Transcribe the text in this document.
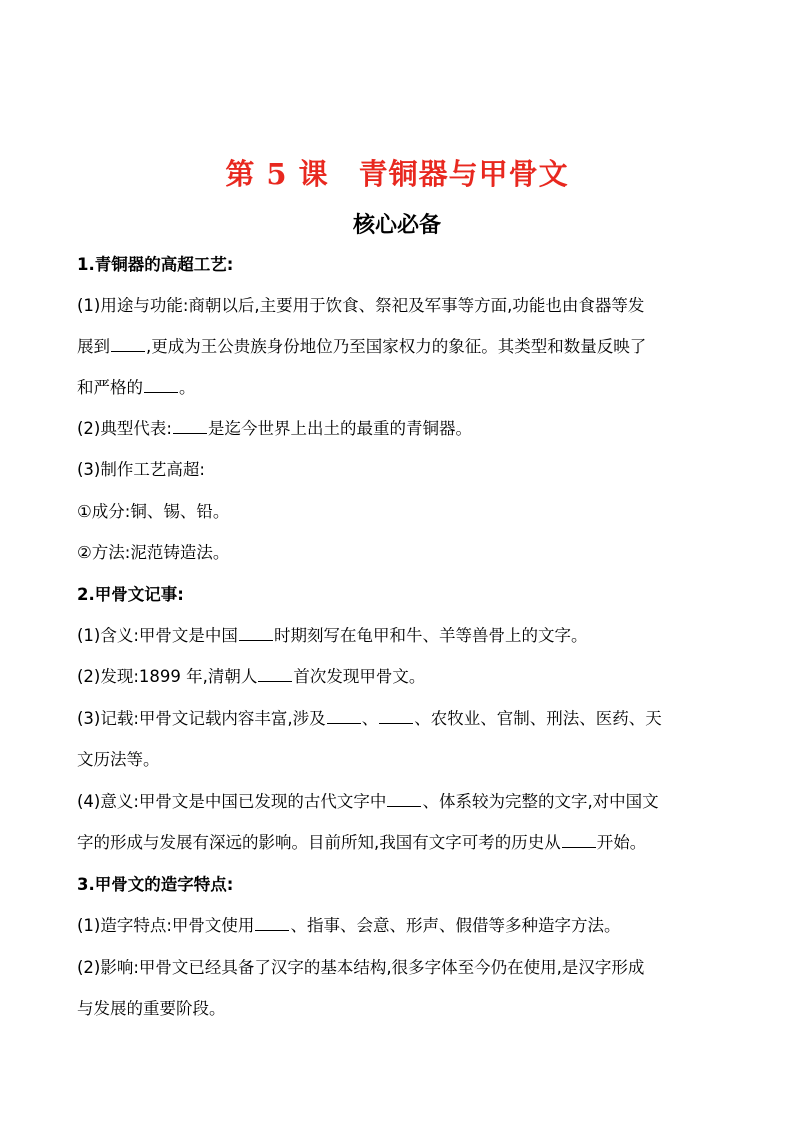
第 5 课　青铜器与甲骨文
核心必备
1.青铜器的高超工艺:
(1)用途与功能:商朝以后,主要用于饮食、祭祀及军事等方面,功能也由食器等发
展到 ,更成为王公贵族身份地位乃至国家权力的象征。其类型和数量反映了
和严格的 。
(2)典型代表: 是迄今世界上出土的最重的青铜器。
(3)制作工艺高超:
①成分:铜、锡、铅。
②方法:泥范铸造法。
2.甲骨文记事:
(1)含义:甲骨文是中国 时期刻写在龟甲和牛、羊等兽骨上的文字。
(2)发现:1899 年,清朝人 首次发现甲骨文。
(3)记载:甲骨文记载内容丰富,涉及 、 、农牧业、官制、刑法、医药、天
文历法等。
(4)意义:甲骨文是中国已发现的古代文字中 、体系较为完整的文字,对中国文
字的形成与发展有深远的影响。目前所知,我国有文字可考的历史从 开始。
3.甲骨文的造字特点:
(1)造字特点:甲骨文使用 、指事、会意、形声、假借等多种造字方法。
(2)影响:甲骨文已经具备了汉字的基本结构,很多字体至今仍在使用,是汉字形成
与发展的重要阶段。
